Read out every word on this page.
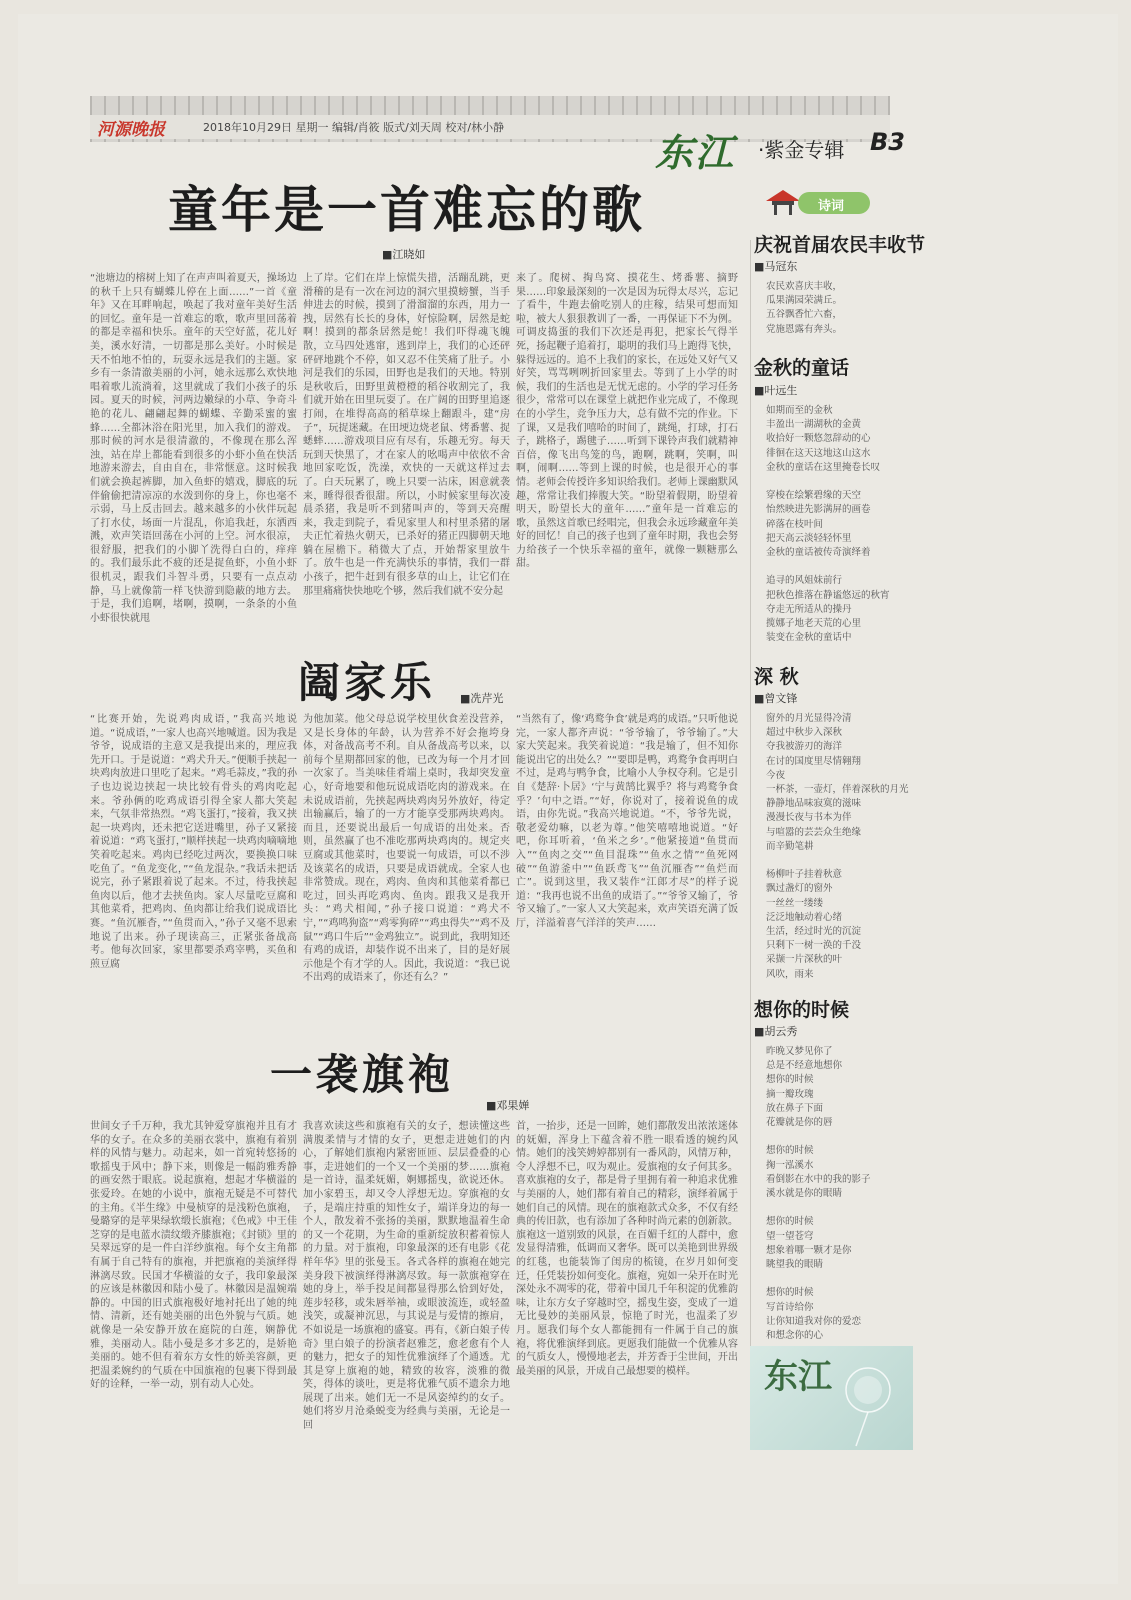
河源晚报	2018年10月29日 星期一 编辑/肖筱 版式/刘天周 校对/林小静
东江 ·紫金专辑 B3
童年是一首难忘的歌
■江晓如
“池塘边的榕树上知了在声声叫着夏天，操场边的秋千上只有蝴蝶儿停在上面……”一首《童年》又在耳畔响起，唤起了我对童年美好生活的回忆。童年是一首难忘的歌，歌声里回荡着的都是幸福和快乐。童年的天空好蓝，花儿好美，溪水好清，一切都是那么美好。小时候是天不怕地不怕的，玩耍永远是我们的主题。家乡有一条清澈美丽的小河，她永远那么欢快地唱着歌儿流淌着，这里就成了我们小孩子的乐园。夏天的时候，河两边嫩绿的小草、争奇斗艳的花儿、翩翩起舞的蝴蝶、辛勤采蜜的蜜蜂……全都沐浴在阳光里，加入我们的游戏。那时候的河水是很清澈的，不像现在那么浑浊，站在岸上都能看到很多的小虾小鱼在快活地游来游去，自由自在，非常惬意。这时候我们就会换起裤脚，加入鱼虾的嬉戏，脚底的玩伴偷偷把清凉凉的水泼到你的身上，你也毫不示弱，马上反击回去。越来越多的小伙伴玩起了打水仗，场面一片混乱，你追我赶，东洒西溅，欢声笑语回荡在小河的上空。河水很凉，很舒服，把我们的小脚丫洗得白白的，痒痒的。我们最乐此不疲的还是捉鱼虾，小鱼小虾很机灵，跟我们斗智斗勇，只要有一点点动静，马上就像箭一样飞快游到隐蔽的地方去。于是，我们追啊，堵啊，摸啊，一条条的小鱼小虾很快就甩
上了岸。它们在岸上惊慌失措，活蹦乱跳，更滑稽的是有一次在河边的洞穴里摸螃蟹，当手伸进去的时候，摸到了滑溜溜的东西，用力一拽，居然有长长的身体，好惊险啊，居然是蛇啊！摸到的都条居然是蛇！我们吓得魂飞魄散，立马四处逃窜，逃到岸上，我们的心还砰砰砰地跳个不停，如又忍不住笑痛了肚子。小河是我们的乐园，田野也是我们的天地。特别是秋收后，田野里黄橙橙的稻谷收割完了，我们就开始在田里玩耍了。在广阔的田野里追逐打闹，在堆得高高的稻草垛上翻跟斗，建“房子”，玩捉迷藏。在田埂边烧老鼠、烤番薯、捉蟋蟀……游戏项目应有尽有，乐趣无穷。每天玩到天快黑了，才在家人的吆喝声中依依不舍地回家吃饭，洗澡，欢快的一天就这样过去了。白天玩累了，晚上只要一沾床，困意就袭来，睡得很香很甜。所以，小时候家里每次凌晨杀猪，我是听不到猪叫声的，等到天亮醒来，我走到院子，看见家里人和村里杀猪的屠夫正忙着热火朝天，已杀好的猪正四脚朝天地躺在屋檐下。稍微大了点，开始帮家里放牛了。放牛也是一件充满快乐的事情，我们一群小孩子，把牛赶到有很多草的山上，让它们在那里痛痛快快地吃个够，然后我们就不安分起
来了。爬树、掏鸟窝、摸花生、烤番薯、摘野果……印象最深刻的一次是因为玩得太尽兴，忘记了看牛，牛跑去偷吃别人的庄稼，结果可想而知啦，被大人狠狠教训了一番，一再保证下不为例。可调皮捣蛋的我们下次还是再犯，把家长气得半死，扬起鞭子追着打，聪明的我们马上跑得飞快，躲得远远的。追不上我们的家长，在远处又好气又好笑，骂骂咧咧折回家里去。等到了上小学的时候，我们的生活也是无忧无虑的。小学的学习任务很少，常常可以在课堂上就把作业完成了，不像现在的小学生，竞争压力大，总有做不完的作业。下了课，又是我们嘻哈的时间了，跳绳，打球，打石子，跳格子，踢毽子……听到下课铃声我们就精神百倍，像飞出鸟笼的鸟，跑啊，跳啊，笑啊，叫啊，闹啊……等到上课的时候，也是很开心的事情。老师会传授许多知识给我们。老师上课幽默风趣，常常让我们捧腹大笑。“盼望着假期，盼望着明天，盼望长大的童年……”童年是一首难忘的歌，虽然这首歌已经唱完，但我会永远珍藏童年美好的回忆！自己的孩子也到了童年时期，我也会努力给孩子一个快乐幸福的童年，就像一颗糖那么甜。
阖家乐 ■冼芹光
“比赛开始，先说鸡肉成语，”我高兴地说道。“说成语，”一家人也高兴地喊道。因为我是爷爷，说成语的主意又是我提出来的，理应我先开口。于是说道：“鸡犬升天。”便顺手挟起一块鸡肉放进口里吃了起来。“鸡毛蒜皮，”我的孙子也边说边挟起一块比较有骨头的鸡肉吃起来。爷孙俩的吃鸡成语引得全家人都大笑起来，气氛非常热烈。“鸡飞蛋打，”接着，我又挟起一块鸡肉，还未把它送进嘴里，孙子又紧接着说道：“鸡飞蛋打，”顺样挟起一块鸡肉嘀嘀地笑着吃起来。鸡肉已经吃过两次，要换换口味吃鱼了。“鱼龙变化，”“鱼龙混杂。”我话未把话说完，孙子紧跟着说了起来。不过，待我挟起鱼肉以后，他才去挟鱼肉。家人尽量吃豆腐和其他菜肴，把鸡肉、鱼肉都让给我们说成语比赛。“鱼沉雁杳，”“鱼贯而入，”孙子又毫不思索地说了出来。孙子现读高三，正紧张备战高考。他每次回家，家里都要杀鸡宰鸭，买鱼和煎豆腐
为他加菜。他父母总说学校里伙食差没营养，又是长身体的年龄，认为营养不好会拖垮身体，对备战高考不利。自从备战高考以来，以前每个星期都回家的他，已改为每一个月才回一次家了。当美味佳肴端上桌时，我却突发童心，好奇地要和他玩说成语吃肉的游戏来。在未说成语前，先挟起两块鸡肉另外放好，待定出输赢后，输了的一方才能享受那两块鸡肉。而且，还要说出最后一句成语的出处来。否则，虽然赢了也不准吃那两块鸡肉的。规定夹豆腐或其他菜时，也要说一句成语，可以不涉及该菜名的成语，只要是成语就成。全家人也非常赞成。现在，鸡肉、鱼肉和其他菜肴都已吃过，回头再吃鸡肉、鱼肉。跟我又是我开头：“鸡犬相闻，”孙子接口说道：“鸡犬不宁，”“鸡鸣狗盗”“鸡零狗碎”“鸡虫得失”“鸡不及鼠”“鸡口牛后”“金鸡独立”。说到此，我明知还有鸡的成语，却装作说不出来了，目的是好展示他是个有才学的人。因此，我说道：“我已说不出鸡的成语来了，你还有么？”
“当然有了，像‘鸡鹜争食’就是鸡的成语。”只听他说完，一家人都齐声说：“爷爷输了，爷爷输了。”大家大笑起来。我笑着说道：“我是输了，但不知你能说出它的出处么？”“要即是鸭，鸡鹜争食再明白不过，是鸡与鸭争食，比喻小人争权夺利。它是引自《楚辞·卜居》‘宁与黄鹄比翼乎？将与鸡鹜争食乎？’句中之语。”“好，你说对了，接着说鱼的成语，由你先说。”我高兴地说道。“不，爷爷先说，敬老爱幼嘛，以老为尊。”他笑嘻嘻地说道。“好吧，你耳听着，‘鱼米之乡’。”他紧接道“鱼贯而入”“鱼肉之交”“鱼目混珠”“鱼水之情”“鱼死网破”“鱼游釜中”“鱼跃鸢飞”“鱼沉雁杳”“鱼烂而亡”。说到这里，我又装作“江郎才尽”的样子说道：“我再也说不出鱼的成语了。”“爷爷又输了，爷爷又输了。”一家人又大笑起来，欢声笑语充满了饭厅，洋溢着喜气洋洋的笑声……
一袭旗袍
■邓果婵
世间女子千万种，我尤其钟爱穿旗袍并且有才华的女子。在众多的美丽衣裳中，旗袍有着别样的风情与魅力。动起来，如一首宛转悠扬的歌摇曳于风中；静下来，则像是一幅韵雅秀静的画安然于眼底。说起旗袍，想起才华横溢的张爱玲。在她的小说中，旗袍无疑是不可替代的主角。《半生缘》中曼桢穿的是浅粉色旗袍，曼璐穿的是苹果绿软缎长旗袍；《色戒》中王佳芝穿的是电蓝水渍纹缎齐膝旗袍；《封锁》里的吴翠远穿的是一件白洋纱旗袍。每个女主角都有属于自己特有的旗袍，并把旗袍的美演绎得淋漓尽致。民国才华横溢的女子，我印象最深的应该是林徽因和陆小曼了。林徽因是温婉端静的。中国的旧式旗袍极好地衬托出了她的纯情、清新，还有她美丽的出色外貌与气质。她就像是一朵安静开放在庭院的白莲，娴静优雅，美丽动人。陆小曼是多才多艺的，是娇艳美丽的。她不但有着东方女性的娇美容颜，更把温柔婉约的气质在中国旗袍的包裹下得到最好的诠释，一举一动，别有动人心处。
我喜欢读这些和旗袍有关的女子，想读懂这些满腹柔情与才情的女子，更想走进她们的内心，了解她们旗袍内紧密匝匝、层层叠叠的心事，走进她们的一个又一个美丽的梦……旗袍是一首诗，温柔妩媚，婀娜摇曳，欲说还休。加小家碧玉，却又令人浮想无边。穿旗袍的女子，是端庄持重的知性女子，端详身边的每一个人，散发着不张扬的美丽，默默地温着生命的又一个花期，为生命的重新绽放积蓄着惊人的力量。对于旗袍，印象最深的还有电影《花样年华》里的张曼玉。各式各样的旗袍在她完美身段下被演绎得淋漓尽致。每一款旗袍穿在她的身上，举手投足间都显得那么恰到好处，莲步轻移，或朱唇举袖，或眼波流连，或轻盈浅笑，或凝神沉思，与其说是与爱情的擦肩，不如说是一场旗袍的盛宴。再有，《新白娘子传奇》里白娘子的扮演者赵雅芝，愈老愈有个人的魅力，把女子的知性优雅演绎了个通透。尤其是穿上旗袍的她，精致的妆容，淡雅的微笑，得体的谈吐，更是将优雅气质不遗余力地展现了出来。她们无一不是风姿绰约的女子。她们将岁月沧桑蜕变为经典与美丽，无论是一回
首，一抬步，还是一回眸，她们都散发出浓浓迷体的妩媚，浑身上下蕴含着不胜一眼看透的婉约风情。她们的浅笑娉婷都别有一番风韵，风情万种，令人浮想不已，叹为观止。爱旗袍的女子何其多。喜欢旗袍的女子，都是骨子里拥有着一种追求优雅与美丽的人，她们都有着自己的精彩，演绎着属于她们自己的风情。现在的旗袍款式众多，不仅有经典的传旧款，也有添加了各种时尚元素的创新款。旗袍这一道别致的风景，在百媚千红的人群中，愈发显得清雅，低调而又奢华。既可以美艳到世界级的红毯，也能装饰了闺房的梳镜，在岁月如何变迁，任凭装扮如何变化。旗袍，宛如一朵开在时光深处永不凋零的花，带着中国几千年积淀的优雅韵味，让东方女子穿越时空，摇曳生姿，变成了一道无比曼妙的美丽风景，惊艳了时光，也温柔了岁月。愿我们每个女人都能拥有一件属于自己的旗袍，将优雅演绎到底。更愿我们能做一个优雅从容的气质女人，慢慢地老去，并芳香于尘世间，开出最美丽的风景，开成自己最想要的模样。
诗词
庆祝首届农民丰收节
■马冠东
农民欢喜庆丰收，
瓜果满园荣满丘。
五谷飘香忙六畜，
党施恩露有奔头。
金秋的童话
■叶远生
如期而至的金秋
丰盈出一湖湖秋的金黄
收拾好一颗悠忽辞动的心
徘徊在这天这地这山这水
金秋的童话在这里掩卷长叹

穿梭在绘繁碧缘的天空
怡然映进先影满屏的画卷
碎落在枝叶间
把天高云淡轻轻怀里
金秋的童话被传奇演绎着

追寻的风姐妹前行
把秋色推落在静谧悠远的秋宵
夺走无所适从的操丹
揽娜子地老天荒的心里
装变在金秋的童话中
深 秋
■曾文锋
窗外的月光显得冷清
超过中秋步入深秋
夺我被游刃的海洋
在讨的国度里尽情翱翔
今夜
一杯茶，一壶灯，伴着深秋的月光
静静地品味寂寞的滋味
漫漫长夜与书本为伴
与喧嚣的芸芸众生绝缘
而辛勤笔耕

杨柳叶子挂着秋意
飘过盏灯的窗外
一丝丝一缕缕
泛泛地触动着心绪
生活，经过时光的沉淀
只剩下一树一涣的千没
采撷一片深秋的叶
风吹，雨来
想你的时候
■胡云秀
昨晚又梦见你了
总是不经意地想你
想你的时候
摘一瓣玫瑰
放在鼻子下面
花瓣就是你的唇

想你的时候
掬一泓溪水
看倒影在水中的我的影子
溪水就是你的眼睛

想你的时候
望一望苍穹
想象着哪一颗才是你
眺望我的眼睛

想你的时候
写首诗给你
让你知道我对你的爱恋
和想念你的心
东江
